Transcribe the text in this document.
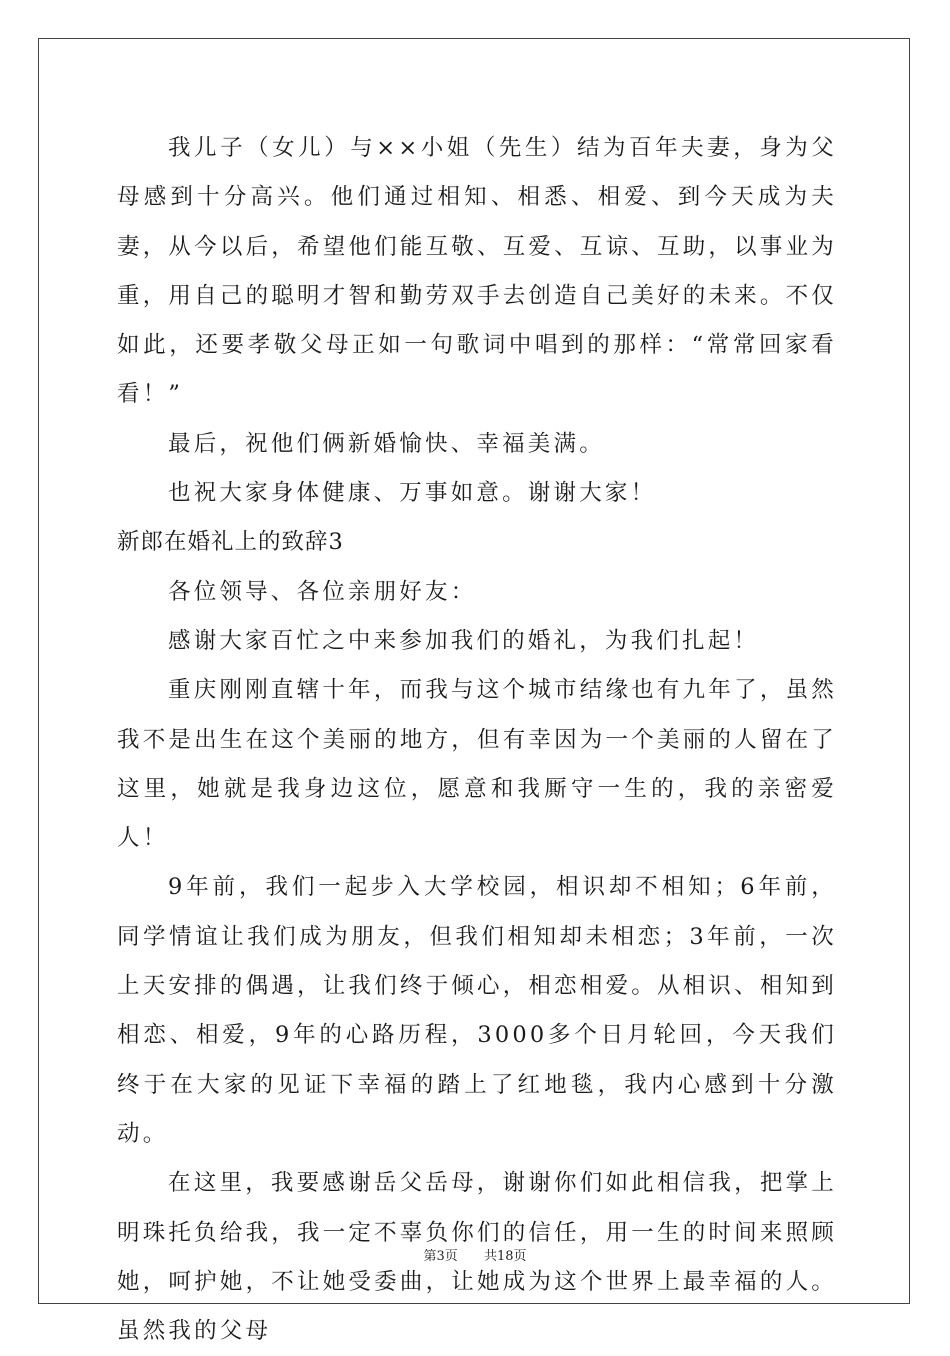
我儿子（女儿）与××小姐（先生）结为百年夫妻，身为父母感到十分高兴。他们通过相知、相悉、相爱、到今天成为夫妻，从今以后，希望他们能互敬、互爱、互谅、互助，以事业为重，用自己的聪明才智和勤劳双手去创造自己美好的未来。不仅如此，还要孝敬父母正如一句歌词中唱到的那样：“常常回家看看！”

最后，祝他们俩新婚愉快、幸福美满。

也祝大家身体健康、万事如意。谢谢大家！

新郎在婚礼上的致辞3

各位领导、各位亲朋好友：

感谢大家百忙之中来参加我们的婚礼，为我们扎起！

重庆刚刚直辖十年，而我与这个城市结缘也有九年了，虽然我不是出生在这个美丽的地方，但有幸因为一个美丽的人留在了这里，她就是我身边这位，愿意和我厮守一生的，我的亲密爱人！

9年前，我们一起步入大学校园，相识却不相知；6年前，同学情谊让我们成为朋友，但我们相知却未相恋；3年前，一次上天安排的偶遇，让我们终于倾心，相恋相爱。从相识、相知到相恋、相爱，9年的心路历程，3000多个日月轮回，今天我们终于在大家的见证下幸福的踏上了红地毯，我内心感到十分激动。

在这里，我要感谢岳父岳母，谢谢你们如此相信我，把掌上明珠托负给我，我一定不辜负你们的信任，用一生的时间来照顾她，呵护她，不让她受委曲，让她成为这个世界上最幸福的人。虽然我的父母

第3页 共18页
